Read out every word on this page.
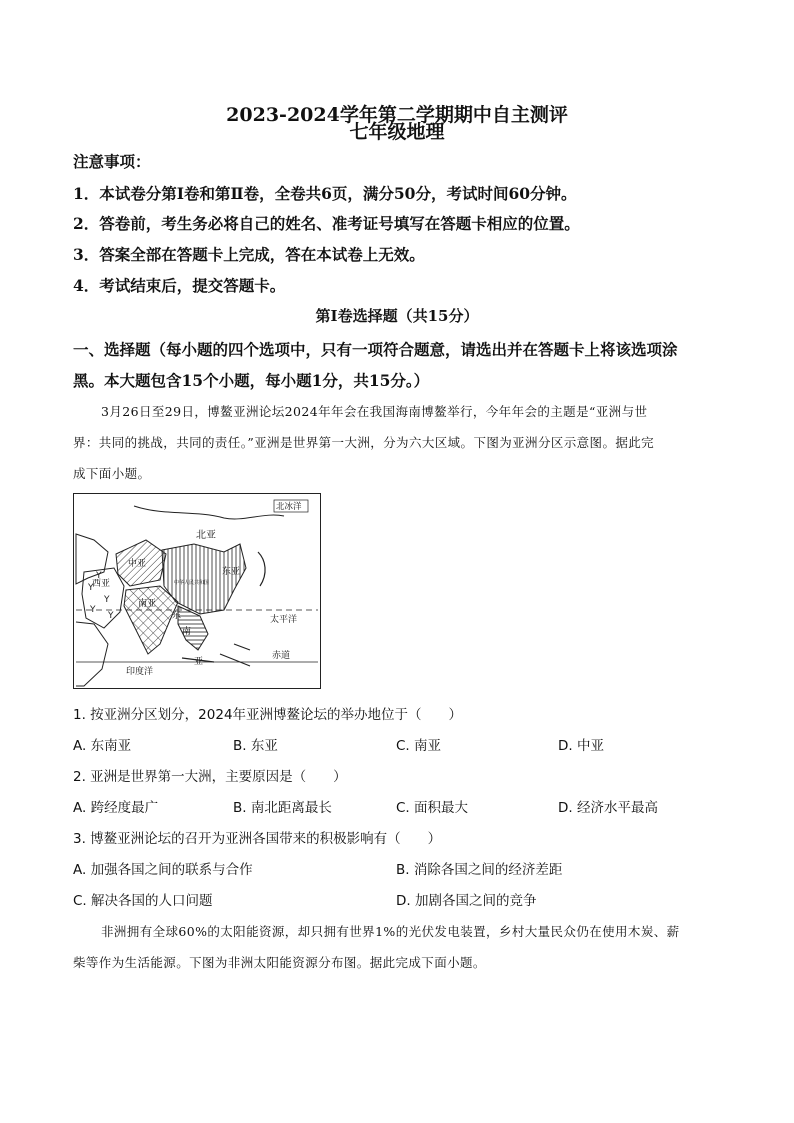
2023-2024学年第二学期期中自主测评
七年级地理
注意事项：
1．本试卷分第Ⅰ卷和第Ⅱ卷，全卷共6页，满分50分，考试时间60分钟。
2．答卷前，考生务必将自己的姓名、准考证号填写在答题卡相应的位置。
3．答案全部在答题卡上完成，答在本试卷上无效。
4．考试结束后，提交答题卡。
第Ⅰ卷选择题（共15分）
一、选择题（每小题的四个选项中，只有一项符合题意，请选出并在答题卡上将该选项涂
黑。本大题包含15个小题，每小题1分，共15分。）
3月26日至29日，博鳌亚洲论坛2024年年会在我国海南博鳌举行，今年年会的主题是“亚洲与世
界：共同的挑战，共同的责任。”亚洲是世界第一大洲，分为六大区域。下图为亚洲分区示意图。据此完
成下面小题。
Y
Y
Y
Y
Y
北冰洋
北亚
中亚
东亚
西亚
南亚
中华人民共和国
东
南
亚
太平洋
赤道
印度洋
1. 按亚洲分区划分，2024年亚洲博鳌论坛的举办地位于（　　）
A. 东南亚	B. 东亚	C. 南亚	D. 中亚
2. 亚洲是世界第一大洲，主要原因是（　　）
A. 跨经度最广	B. 南北距离最长	C. 面积最大	D. 经济水平最高
3. 博鳌亚洲论坛的召开为亚洲各国带来的积极影响有（　　）
A. 加强各国之间的联系与合作	B. 消除各国之间的经济差距
C. 解决各国的人口问题	D. 加剧各国之间的竞争
非洲拥有全球60%的太阳能资源，却只拥有世界1%的光伏发电装置，乡村大量民众仍在使用木炭、薪
柴等作为生活能源。下图为非洲太阳能资源分布图。据此完成下面小题。
